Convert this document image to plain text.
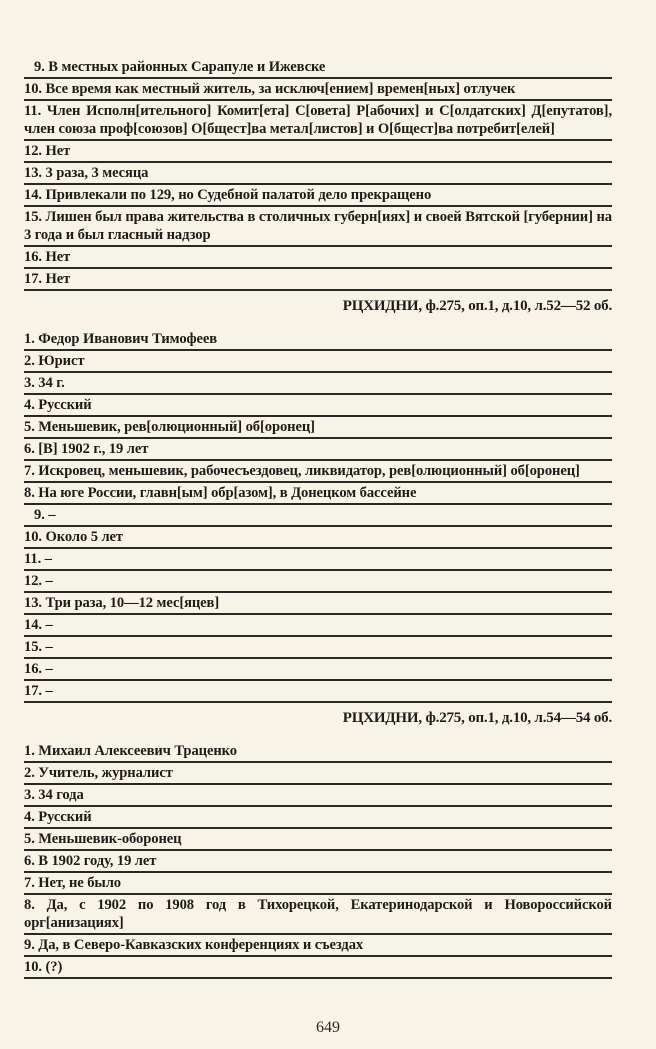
9. В местных районных Сарапуле и Ижевске
10. Все время как местный житель, за исключ[ением] времен[ных] отлучек
11. Член Исполн[ительного] Комит[ета] С[овета] Р[абочих] и С[олдатских] Д[епутатов], член союза проф[союзов] О[бщест]ва метал[листов] и О[бщест]ва потребит[елей]
12. Нет
13. 3 раза, 3 месяца
14. Привлекали по 129, но Судебной палатой дело прекращено
15. Лишен был права жительства в столичных губерн[иях] и своей Вятской [губернии] на 3 года и был гласный надзор
16. Нет
17. Нет
РЦХИДНИ, ф.275, оп.1, д.10, л.52—52 об.
1. Федор Иванович Тимофеев
2. Юрист
3. 34 г.
4. Русский
5. Меньшевик, рев[олюционный] об[оронец]
6. [В] 1902 г., 19 лет
7. Искровец, меньшевик, рабочесъездовец, ликвидатор, рев[олюционный] об[оронец]
8. На юге России, главн[ым] обр[азом], в Донецком бассейне
9. –
10. Около 5 лет
11. –
12. –
13. Три раза, 10—12 мес[яцев]
14. –
15. –
16. –
17. –
РЦХИДНИ, ф.275, оп.1, д.10, л.54—54 об.
1. Михаил Алексеевич Траценко
2. Учитель, журналист
3. 34 года
4. Русский
5. Меньшевик-оборонец
6. В 1902 году, 19 лет
7. Нет, не было
8. Да, с 1902 по 1908 год в Тихорецкой, Екатеринодарской и Новороссийской орг[анизациях]
9. Да, в Северо-Кавказских конференциях и съездах
10. (?)
649
